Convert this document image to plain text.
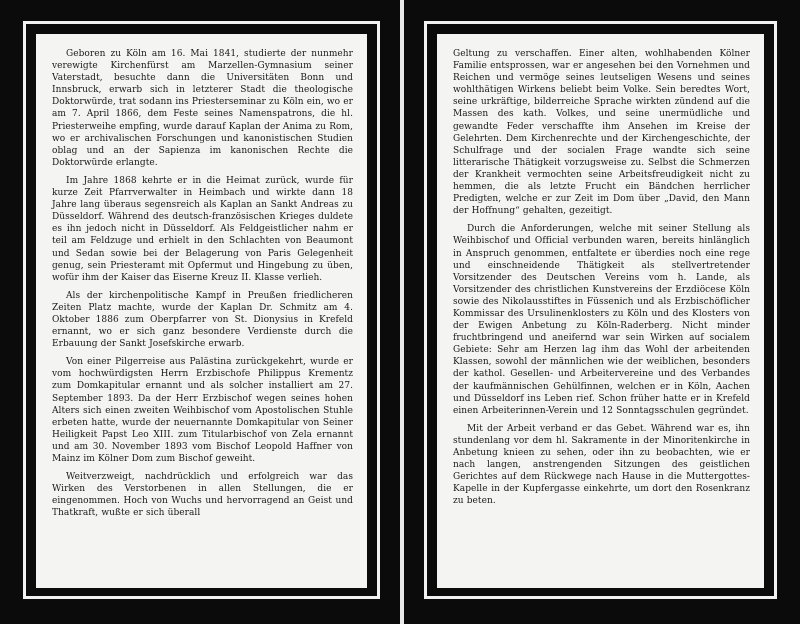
Geboren zu Köln am 16. Mai 1841, studierte der nunmehr verewigte Kirchenfürst am Marzellen-Gymnasium seiner Vaterstadt, besuchte dann die Universitäten Bonn und Innsbruck, erwarb sich in letzterer Stadt die theologische Doktorwürde, trat sodann ins Priesterseminar zu Köln ein, wo er am 7. April 1866, dem Feste seines Namenspatrons, die hl. Priesterweihe empfing, wurde darauf Kaplan der Anima zu Rom, wo er archivalischen Forschungen und kanonistischen Studien oblag und an der Sapienza im kanonischen Rechte die Doktorwürde erlangte.

Im Jahre 1868 kehrte er in die Heimat zurück, wurde für kurze Zeit Pfarrverwalter in Heimbach und wirkte dann 18 Jahre lang überaus segensreich als Kaplan an Sankt Andreas zu Düsseldorf. Während des deutsch-französischen Krieges duldete es ihn jedoch nicht in Düsseldorf. Als Feldgeistlicher nahm er teil am Feldzuge und erhielt in den Schlachten von Beaumont und Sedan sowie bei der Belagerung von Paris Gelegenheit genug, sein Priesteramt mit Opfermut und Hingebung zu üben, wofür ihm der Kaiser das Eiserne Kreuz II. Klasse verlieh.

Als der kirchenpolitische Kampf in Preußen friedlicheren Zeiten Platz machte, wurde der Kaplan Dr. Schmitz am 4. Oktober 1886 zum Oberpfarrer von St. Dionysius in Krefeld ernannt, wo er sich ganz besondere Verdienste durch die Erbauung der Sankt Josefskirche erwarb.

Von einer Pilgerreise aus Palästina zurückgekehrt, wurde er vom hochwürdigsten Herrn Erzbischofe Philippus Krementz zum Domkapitular ernannt und als solcher installiert am 27. September 1893. Da der Herr Erzbischof wegen seines hohen Alters sich einen zweiten Weihbischof vom Apostolischen Stuhle erbeten hatte, wurde der neuernannte Domkapitular von Seiner Heiligkeit Papst Leo XIII. zum Titularbischof von Zela ernannt und am 30. November 1893 vom Bischof Leopold Haffner von Mainz im Kölner Dom zum Bischof geweiht.

Weitverzweigt, nachdrücklich und erfolgreich war das Wirken des Verstorbenen in allen Stellungen, die er eingenommen. Hoch von Wuchs und hervorragend an Geist und Thatkraft, wußte er sich überall

Geltung zu verschaffen. Einer alten, wohlhabenden Kölner Familie entsprossen, war er angesehen bei den Vornehmen und Reichen und vermöge seines leutseligen Wesens und seines wohlthätigen Wirkens beliebt beim Volke. Sein beredtes Wort, seine urkräftige, bilderreiche Sprache wirkten zündend auf die Massen des kath. Volkes, und seine unermüdliche und gewandte Feder verschaffte ihm Ansehen im Kreise der Gelehrten. Dem Kirchenrechte und der Kirchengeschichte, der Schulfrage und der socialen Frage wandte sich seine litterarische Thätigkeit vorzugsweise zu. Selbst die Schmerzen der Krankheit vermochten seine Arbeitsfreudigkeit nicht zu hemmen, die als letzte Frucht ein Bändchen herrlicher Predigten, welche er zur Zeit im Dom über „David, den Mann der Hoffnung“ gehalten, gezeitigt.

Durch die Anforderungen, welche mit seiner Stellung als Weihbischof und Official verbunden waren, bereits hinlänglich in Anspruch genommen, entfaltete er überdies noch eine rege und einschneidende Thätigkeit als stellvertretender Vorsitzender des Deutschen Vereins vom h. Lande, als Vorsitzender des christlichen Kunstvereins der Erzdiöcese Köln sowie des Nikolausstiftes in Füssenich und als Erzbischöflicher Kommissar des Ursulinenklosters zu Köln und des Klosters von der Ewigen Anbetung zu Köln-Raderberg. Nicht minder fruchtbringend und aneifernd war sein Wirken auf socialem Gebiete: Sehr am Herzen lag ihm das Wohl der arbeitenden Klassen, sowohl der männlichen wie der weiblichen, besonders der kathol. Gesellen- und Arbeitervereine und des Verbandes der kaufmännischen Gehülfinnen, welchen er in Köln, Aachen und Düsseldorf ins Leben rief. Schon früher hatte er in Krefeld einen Arbeiterinnen-Verein und 12 Sonntagsschulen gegründet.

Mit der Arbeit verband er das Gebet. Während war es, ihn stundenlang vor dem hl. Sakramente in der Minoritenkirche in Anbetung knieen zu sehen, oder ihn zu beobachten, wie er nach langen, anstrengenden Sitzungen des geistlichen Gerichtes auf dem Rückwege nach Hause in die Muttergottes-Kapelle in der Kupfergasse einkehrte, um dort den Rosenkranz zu beten.
